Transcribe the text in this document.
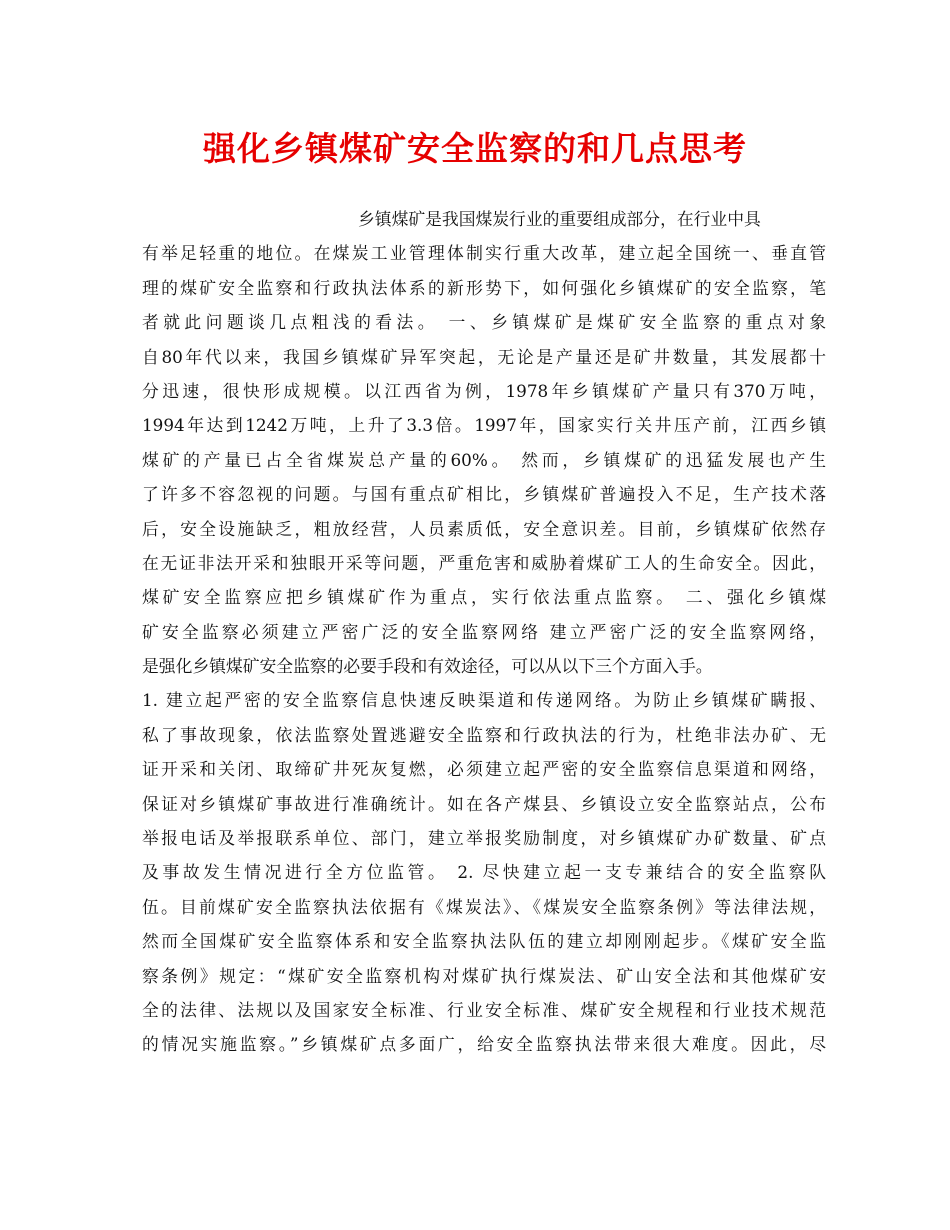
强化乡镇煤矿安全监察的和几点思考
乡镇煤矿是我国煤炭行业的重要组成部分，在行业中具
有举足轻重的地位。在煤炭工业管理体制实行重大改革，建立起全国统一、垂直管
理的煤矿安全监察和行政执法体系的新形势下，如何强化乡镇煤矿的安全监察，笔
者就此问题谈几点粗浅的看法。 一、乡镇煤矿是煤矿安全监察的重点对象
自80年代以来，我国乡镇煤矿异军突起，无论是产量还是矿井数量，其发展都十
分迅速，很快形成规模。以江西省为例，1978年乡镇煤矿产量只有370万吨，
1994年达到1242万吨，上升了3.3倍。1997年，国家实行关井压产前，江西乡镇
煤矿的产量已占全省煤炭总产量的60%。 然而，乡镇煤矿的迅猛发展也产生
了许多不容忽视的问题。与国有重点矿相比，乡镇煤矿普遍投入不足，生产技术落
后，安全设施缺乏，粗放经营，人员素质低，安全意识差。目前，乡镇煤矿依然存
在无证非法开采和独眼开采等问题，严重危害和威胁着煤矿工人的生命安全。因此，
煤矿安全监察应把乡镇煤矿作为重点，实行依法重点监察。 二、强化乡镇煤
矿安全监察必须建立严密广泛的安全监察网络 建立严密广泛的安全监察网络，
是强化乡镇煤矿安全监察的必要手段和有效途径，可以从以下三个方面入手。
1. 建立起严密的安全监察信息快速反映渠道和传递网络。为防止乡镇煤矿瞒报、
私了事故现象，依法监察处置逃避安全监察和行政执法的行为，杜绝非法办矿、无
证开采和关闭、取缔矿井死灰复燃，必须建立起严密的安全监察信息渠道和网络，
保证对乡镇煤矿事故进行准确统计。如在各产煤县、乡镇设立安全监察站点，公布
举报电话及举报联系单位、部门，建立举报奖励制度，对乡镇煤矿办矿数量、矿点
及事故发生情况进行全方位监管。 2. 尽快建立起一支专兼结合的安全监察队
伍。目前煤矿安全监察执法依据有《煤炭法》、《煤炭安全监察条例》等法律法规，
然而全国煤矿安全监察体系和安全监察执法队伍的建立却刚刚起步。《煤矿安全监
察条例》规定：“煤矿安全监察机构对煤矿执行煤炭法、矿山安全法和其他煤矿安
全的法律、法规以及国家安全标准、行业安全标准、煤矿安全规程和行业技术规范
的情况实施监察。”乡镇煤矿点多面广，给安全监察执法带来很大难度。因此，尽
